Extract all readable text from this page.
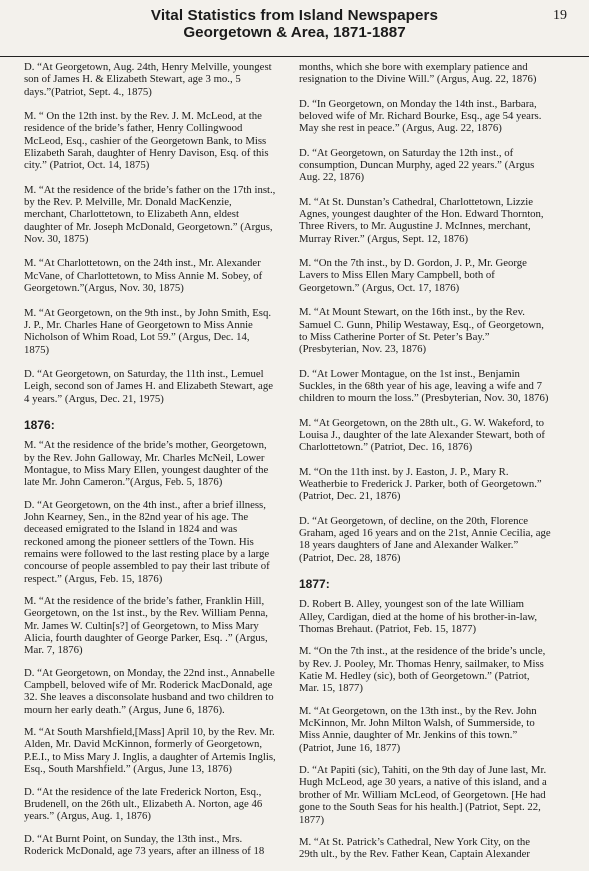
Vital Statistics from Island Newspapers
Georgetown & Area, 1871-1887
19

D. “At Georgetown, Aug. 24th, Henry Melville, youngest son of James H. & Elizabeth Stewart, age 3 mo., 5 days.”(Patriot, Sept. 4., 1875)

M. “ On the 12th inst. by the Rev. J. M. McLeod, at the residence of the bride’s father, Henry Collingwood McLeod, Esq., cashier of the Georgetown Bank, to Miss Elizabeth Sarah, daughter of Henry Davison, Esq. of this city.” (Patriot, Oct. 14, 1875)

M. “At the residence of the bride’s father on the 17th inst., by the Rev. P. Melville, Mr. Donald MacKenzie, merchant, Charlottetown, to Elizabeth Ann, eldest daughter of Mr. Joseph McDonald, Georgetown.” (Argus, Nov. 30, 1875)

M. “At Charlottetown, on the 24th inst., Mr. Alexander McVane, of Charlottetown, to Miss Annie M. Sobey, of Georgetown.”(Argus, Nov. 30, 1875)

M. “At Georgetown, on the 9th inst., by John Smith, Esq. J. P., Mr. Charles Hane of Georgetown to Miss Annie Nicholson of Whim Road, Lot 59.” (Argus, Dec. 14, 1875)

D. “At Georgetown, on Saturday, the 11th inst., Lemuel Leigh, second son of James H. and Elizabeth Stewart, age 4 years.” (Argus, Dec. 21, 1975)

1876:

M. “At the residence of the bride’s mother, Georgetown, by the Rev. John Galloway, Mr. Charles McNeil, Lower Montague, to Miss Mary Ellen, youngest daughter of the late Mr. John Cameron.”(Argus, Feb. 5, 1876)

D. “At Georgetown, on the 4th inst., after a brief illness, John Kearney, Sen., in the 82nd year of his age. The deceased emigrated to the Island in 1824 and was reckoned among the pioneer settlers of the Town. His remains were followed to the last resting place by a large concourse of people assembled to pay their last tribute of respect.” (Argus, Feb. 15, 1876)

M. “At the residence of the bride’s father, Franklin Hill, Georgetown, on the 1st inst., by the Rev. William Penna, Mr. James W. Cultin[s?] of Georgetown, to Miss Mary Alicia, fourth daughter of George Parker, Esq. .” (Argus, Mar. 7, 1876)

D. “At Georgetown, on Monday, the 22nd inst., Annabelle Campbell, beloved wife of Mr. Roderick MacDonald, age 32. She leaves a disconsolate husband and two children to mourn her early death.” (Argus, June 6, 1876).

M. “At South Marshfield,[Mass] April 10, by the Rev. Mr. Alden, Mr. David McKinnon, formerly of Georgetown, P.E.I., to Miss Mary J. Inglis, a daughter of Artemis Inglis, Esq., South Marshfield.” (Argus, June 13, 1876)

D. “At the residence of the late Frederick Norton, Esq., Brudenell, on the 26th ult., Elizabeth A. Norton, age 46 years.” (Argus, Aug. 1, 1876)

D. “At Burnt Point, on Sunday, the 13th inst., Mrs. Roderick McDonald, age 73 years, after an illness of 18

months, which she bore with exemplary patience and resignation to the Divine Will.” (Argus, Aug. 22, 1876)

D. “In Georgetown, on Monday the 14th inst., Barbara, beloved wife of Mr. Richard Bourke, Esq., age 54 years. May she rest in peace.” (Argus, Aug. 22, 1876)

D. “At Georgetown, on Saturday the 12th inst., of consumption, Duncan Murphy, aged 22 years.” (Argus Aug. 22, 1876)

M. “At St. Dunstan’s Cathedral, Charlottetown, Lizzie Agnes, youngest daughter of the Hon. Edward Thornton, Three Rivers, to Mr. Augustine J. McInnes, merchant, Murray River.” (Argus, Sept. 12, 1876)

M. “On the 7th inst., by D. Gordon, J. P., Mr. George Lavers to Miss Ellen Mary Campbell, both of Georgetown.” (Argus, Oct. 17, 1876)

M. “At Mount Stewart, on the 16th inst., by the Rev. Samuel C. Gunn, Philip Westaway, Esq., of Georgetown, to Miss Catherine Porter of St. Peter’s Bay.” (Presbyterian, Nov. 23, 1876)

D. “At Lower Montague, on the 1st inst., Benjamin Suckles, in the 68th year of his age, leaving a wife and 7 children to mourn the loss.” (Presbyterian, Nov. 30, 1876)

M. “At Georgetown, on the 28th ult., G. W. Wakeford, to Louisa J., daughter of the late Alexander Stewart, both of Charlottetown.” (Patriot, Dec. 16, 1876)

M. “On the 11th inst. by J. Easton, J. P., Mary R. Weatherbie to Frederick J. Parker, both of Georgetown.” (Patriot, Dec. 21, 1876)

D. “At Georgetown, of decline, on the 20th, Florence Graham, aged 16 years and on the 21st, Annie Cecilia, age 18 years daughters of Jane and Alexander Walker.” (Patriot, Dec. 28, 1876)

1877:

D. Robert B. Alley, youngest son of the late William Alley, Cardigan, died at the home of his brother-in-law, Thomas Brehaut. (Patriot, Feb. 15, 1877)

M. “On the 7th inst., at the residence of the bride’s uncle, by Rev. J. Pooley, Mr. Thomas Henry, sailmaker, to Miss Katie M. Hedley (sic), both of Georgetown.” (Patriot, Mar. 15, 1877)

M. “At Georgetown, on the 13th inst., by the Rev. John McKinnon, Mr. John Milton Walsh, of Summerside, to Miss Annie, daughter of Mr. Jenkins of this town.” (Patriot, June 16, 1877)

D. “At Papiti (sic), Tahiti, on the 9th day of June last, Mr. Hugh McLeod, age 30 years, a native of this island, and a brother of Mr. William McLeod, of Georgetown. [He had gone to the South Seas for his health.] (Patriot, Sept. 22, 1877)

M. “At St. Patrick’s Cathedral, New York City, on the 29th ult., by the Rev. Father Kean, Captain Alexander
